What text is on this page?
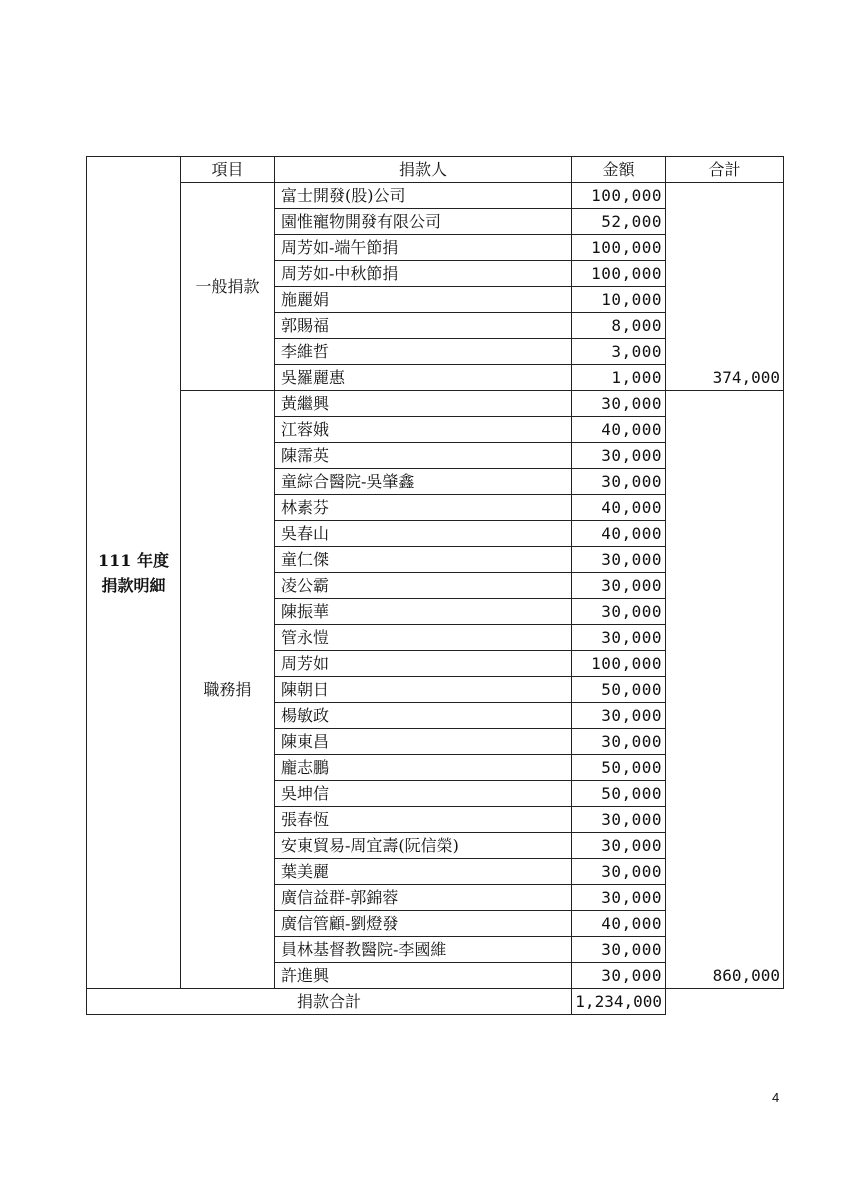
111 年度
捐款明細	項目	捐款人	金額	合計
	一般捐款	富士開發(股)公司	100,000	374,000
		園惟寵物開發有限公司	52,000	
		周芳如-端午節捐	100,000	
		周芳如-中秋節捐	100,000	
		施麗娟	10,000	
		郭賜福	8,000	
		李維哲	3,000	
		吳羅麗惠	1,000	
	職務捐	黃繼興	30,000	860,000
		江蓉娥	40,000	
		陳霈英	30,000	
		童綜合醫院-吳肇鑫	30,000	
		林素芬	40,000	
		吳春山	40,000	
		童仁傑	30,000	
		凌公霸	30,000	
		陳振華	30,000	
		管永愷	30,000	
		周芳如	100,000	
		陳朝日	50,000	
		楊敏政	30,000	
		陳東昌	30,000	
		龐志鵬	50,000	
		吳坤信	50,000	
		張春恆	30,000	
		安東貿易-周宜壽(阮信榮)	30,000	
		葉美麗	30,000	
		廣信益群-郭錦蓉	30,000	
		廣信管顧-劉燈發	40,000	
		員林基督教醫院-李國維	30,000	
		許進興	30,000	
捐款合計			1,234,000	
4
